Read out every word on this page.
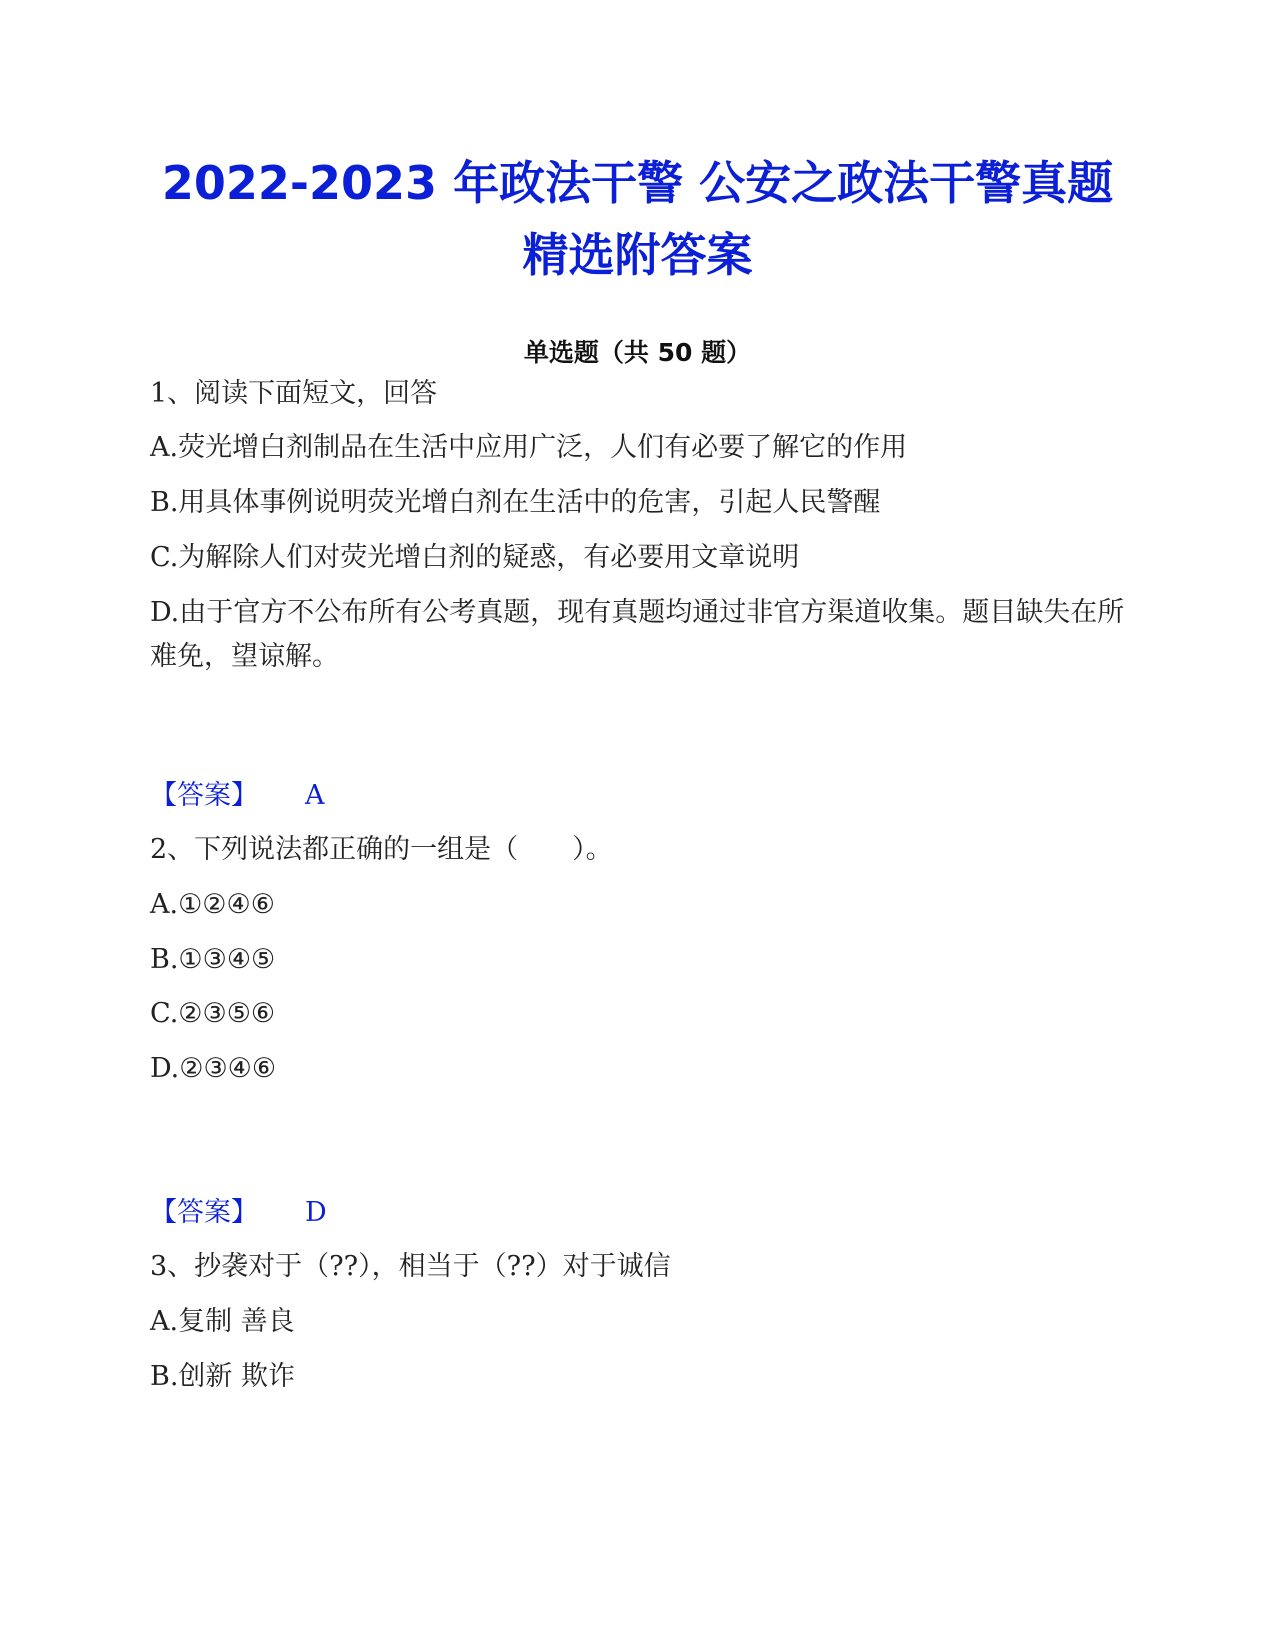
2022-2023 年政法干警 公安之政法干警真题
精选附答案
单选题（共 50 题）
1、阅读下面短文，回答
A.荧光增白剂制品在生活中应用广泛，人们有必要了解它的作用
B.用具体事例说明荧光增白剂在生活中的危害，引起人民警醒
C.为解除人们对荧光增白剂的疑惑，有必要用文章说明
D.由于官方不公布所有公考真题，现有真题均通过非官方渠道收集。题目缺失在所难免，望谅解。
【答案】 A
2、下列说法都正确的一组是（　　）。
A.①②④⑥
B.①③④⑤
C.②③⑤⑥
D.②③④⑥
【答案】 D
3、抄袭对于（??），相当于（??）对于诚信
A.复制 善良
B.创新 欺诈
